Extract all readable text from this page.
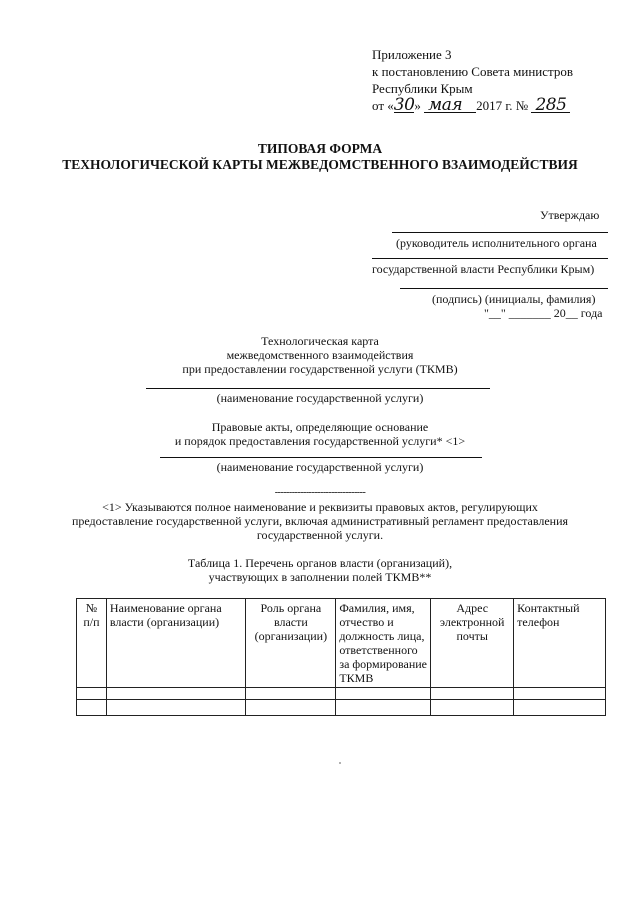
Приложение 3
к постановлению Совета министров
Республики Крым
от «30» мая 2017 г. № 285
ТИПОВАЯ ФОРМА
ТЕХНОЛОГИЧЕСКОЙ КАРТЫ МЕЖВЕДОМСТВЕННОГО ВЗАИМОДЕЙСТВИЯ
Утверждаю
(руководитель исполнительного органа
государственной власти Республики Крым)
(подпись) (инициалы, фамилия)
"__" _______ 20__ года
Технологическая карта
межведомственного взаимодействия
при предоставлении государственной услуги (ТКМВ)
(наименование государственной услуги)
Правовые акты, определяющие основание
и порядок предоставления государственной услуги* <1>
(наименование государственной услуги)
--------------------------------
<1> Указываются полное наименование и реквизиты правовых актов, регулирующих
предоставление государственной услуги, включая административный регламент предоставления
государственной услуги.
Таблица 1. Перечень органов власти (организаций),
участвующих в заполнении полей ТКМВ**
№ п/п	Наименование органа власти (организации)	Роль органа власти (организации)	Фамилия, имя, отчество и должность лица, ответственного за формирование ТКМВ	Адрес электронной почты	Контактный телефон
